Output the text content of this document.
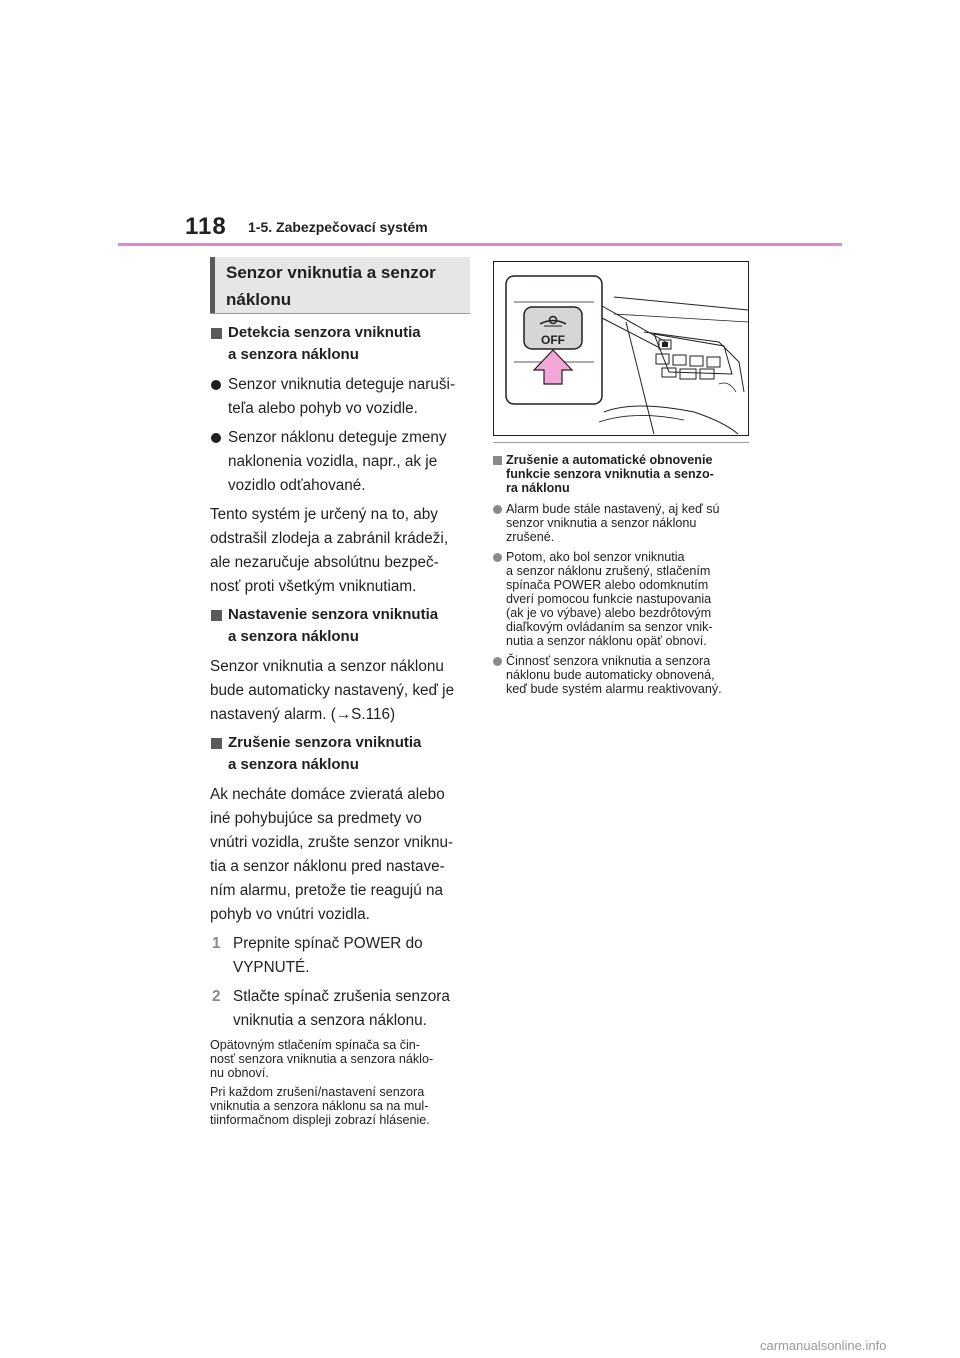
118 1-5. Zabezpečovací systém
Senzor vniknutia a senzor
náklonu
Detekcia senzora vniknutia
a senzora náklonu
Senzor vniknutia deteguje naruši-
teľa alebo pohyb vo vozidle.
Senzor náklonu deteguje zmeny
naklonenia vozidla, napr., ak je
vozidlo odťahované.
Tento systém je určený na to, aby
odstrašil zlodeja a zabránil krádeži,
ale nezaručuje absolútnu bezpeč-
nosť proti všetkým vniknutiam.
Nastavenie senzora vniknutia
a senzora náklonu
Senzor vniknutia a senzor náklonu
bude automaticky nastavený, keď je
nastavený alarm. (→S.116)
Zrušenie senzora vniknutia
a senzora náklonu
Ak necháte domáce zvieratá alebo
iné pohybujúce sa predmety vo
vnútri vozidla, zrušte senzor vniknu-
tia a senzor náklonu pred nastave-
ním alarmu, pretože tie reagujú na
pohyb vo vnútri vozidla.
1 Prepnite spínač POWER do
VYPNUTÉ.
2 Stlačte spínač zrušenia senzora
vniknutia a senzora náklonu.
Opätovným stlačením spínača sa čin-
nosť senzora vniknutia a senzora náklo-
nu obnoví.
Pri každom zrušení/nastavení senzora
vniknutia a senzora náklonu sa na mul-
tiinformačnom displeji zobrazí hlásenie.
OFF
Zrušenie a automatické obnovenie
funkcie senzora vniknutia a senzo-
ra náklonu
Alarm bude stále nastavený, aj keď sú
senzor vniknutia a senzor náklonu
zrušené.
Potom, ako bol senzor vniknutia
a senzor náklonu zrušený, stlačením
spínača POWER alebo odomknutím
dverí pomocou funkcie nastupovania
(ak je vo výbave) alebo bezdrôtovým
diaľkovým ovládaním sa senzor vnik-
nutia a senzor náklonu opäť obnoví.
Činnosť senzora vniknutia a senzora
náklonu bude automaticky obnovená,
keď bude systém alarmu reaktivovaný.
carmanualsonline.info
